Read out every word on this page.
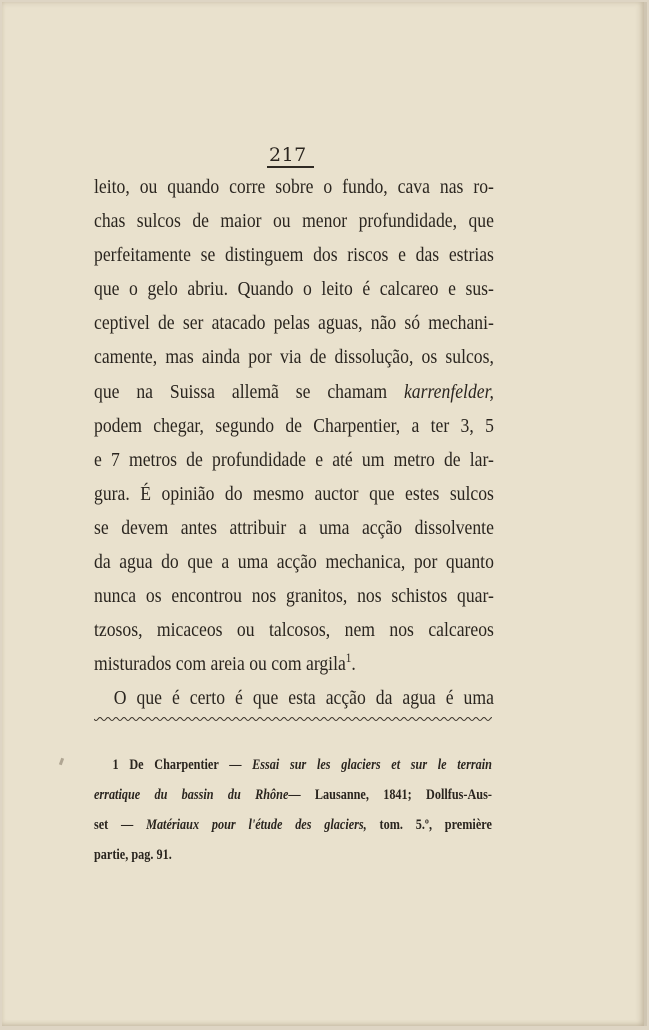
217
leito, ou quando corre sobre o fundo, cava nas ro-
chas sulcos de maior ou menor profundidade, que
perfeitamente se distinguem dos riscos e das estrias
que o gelo abriu. Quando o leito é calcareo e sus-
ceptivel de ser atacado pelas aguas, não só mechani-
camente, mas ainda por via de dissolução, os sulcos,
que na Suissa allemã se chamam karrenfelder,
podem chegar, segundo de Charpentier, a ter 3, 5
e 7 metros de profundidade e até um metro de lar-
gura. É opinião do mesmo auctor que estes sulcos
se devem antes attribuir a uma acção dissolvente
da agua do que a uma acção mechanica, por quanto
nunca os encontrou nos granitos, nos schistos quar-
tzosos, micaceos ou talcosos, nem nos calcareos
misturados com areia ou com argila$^1$.
O que é certo é que esta acção da agua é uma
1 De Charpentier — Essai sur les glaciers et sur le terrain
erratique du bassin du Rhône— Lausanne, 1841; Dollfus-Aus-
set — Matériaux pour l'étude des glaciers, tom. 5.º, première
partie, pag. 91.
